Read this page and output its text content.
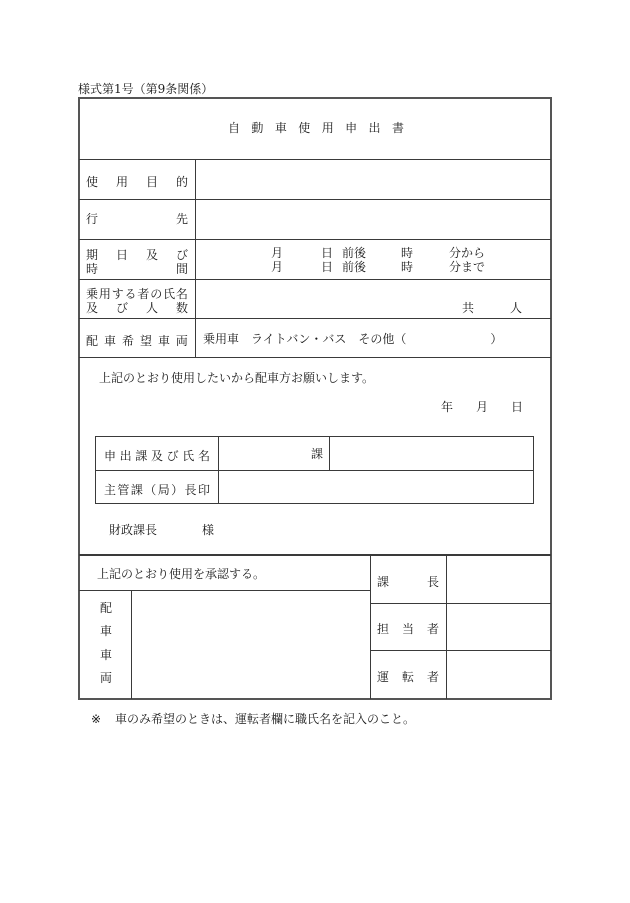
様式第1号（第9条関係）
自 動 車 使 用 申 出 書
使 用 目 的
行	先
期 日 及 び
時	間
月	日 前後	時	分から
月	日 前後	時	分まで
乗 用 す る 者 の 氏 名
及 び 人 数	共	人
配 車 希 望 車 両 乗用車　ライトバン・バス　その他（　　　　　　　）
上記のとおり使用したいから配車方お願いします。
年 月 日
申 出 課 及 び 氏 名	課
主 管 課 （ 局 ） 長 印
財政課長	様
上記のとおり使用を承認する。
配
車
車
両
課	長
担 当 者
運 転 者
※ 車のみ希望のときは、運転者欄に職氏名を記入のこと。
